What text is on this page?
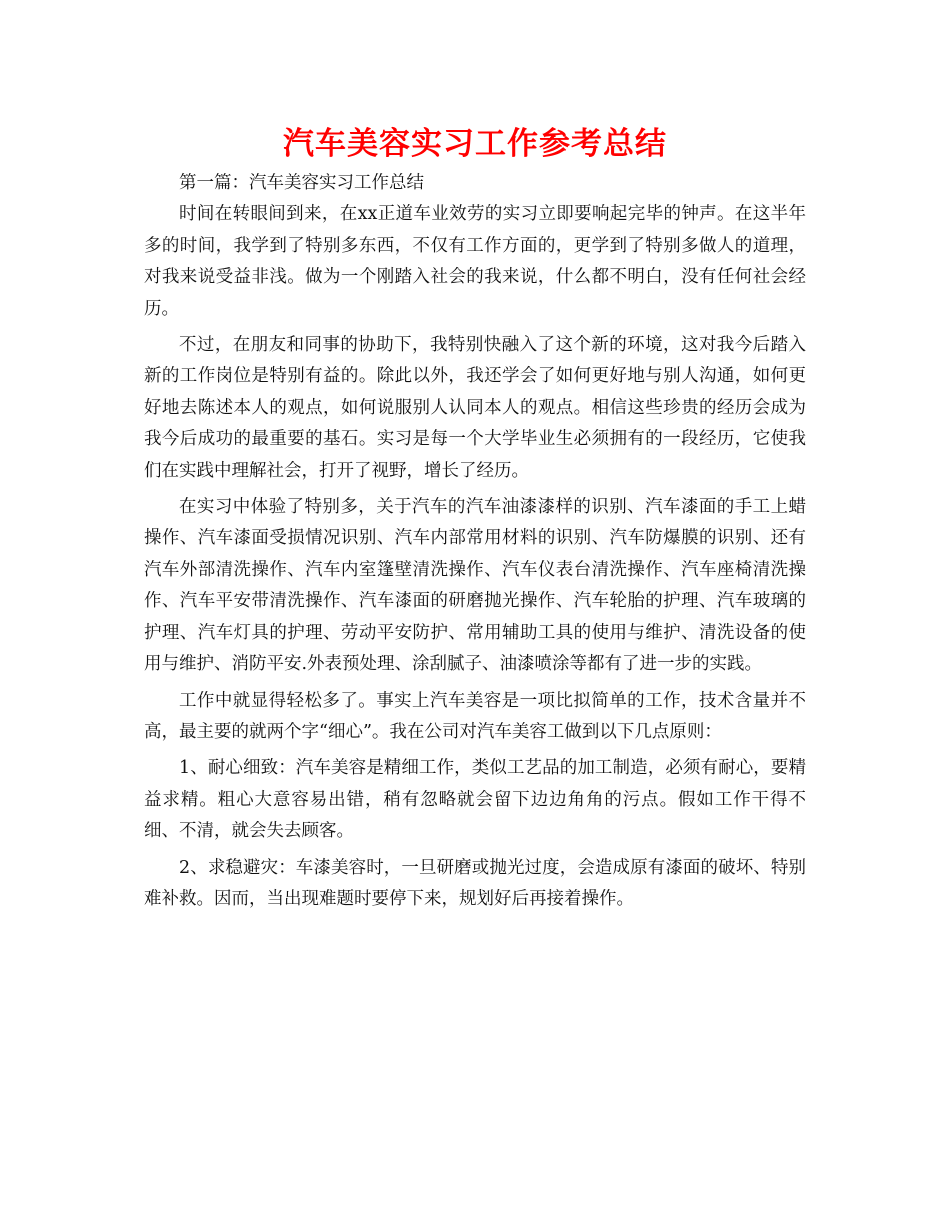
汽车美容实习工作参考总结

第一篇：汽车美容实习工作总结

时间在转眼间到来，在xx正道车业效劳的实习立即要响起完毕的钟声。在这半年多的时间，我学到了特别多东西，不仅有工作方面的，更学到了特别多做人的道理，对我来说受益非浅。做为一个刚踏入社会的我来说，什么都不明白，没有任何社会经历。

不过，在朋友和同事的协助下，我特别快融入了这个新的环境，这对我今后踏入新的工作岗位是特别有益的。除此以外，我还学会了如何更好地与别人沟通，如何更好地去陈述本人的观点，如何说服别人认同本人的观点。相信这些珍贵的经历会成为我今后成功的最重要的基石。实习是每一个大学毕业生必须拥有的一段经历，它使我们在实践中理解社会，打开了视野，增长了经历。

在实习中体验了特别多，关于汽车的汽车油漆漆样的识别、汽车漆面的手工上蜡操作、汽车漆面受损情况识别、汽车内部常用材料的识别、汽车防爆膜的识别、还有汽车外部清洗操作、汽车内室篷壁清洗操作、汽车仪表台清洗操作、汽车座椅清洗操作、汽车平安带清洗操作、汽车漆面的研磨抛光操作、汽车轮胎的护理、汽车玻璃的护理、汽车灯具的护理、劳动平安防护、常用辅助工具的使用与维护、清洗设备的使用与维护、消防平安.外表预处理、涂刮腻子、油漆喷涂等都有了进一步的实践。

工作中就显得轻松多了。事实上汽车美容是一项比拟简单的工作，技术含量并不高，最主要的就两个字“细心”。我在公司对汽车美容工做到以下几点原则：

1、耐心细致：汽车美容是精细工作，类似工艺品的加工制造，必须有耐心，要精益求精。粗心大意容易出错，稍有忽略就会留下边边角角的污点。假如工作干得不细、不清，就会失去顾客。

2、求稳避灾：车漆美容时，一旦研磨或抛光过度，会造成原有漆面的破坏、特别难补救。因而，当出现难题时要停下来，规划好后再接着操作。
